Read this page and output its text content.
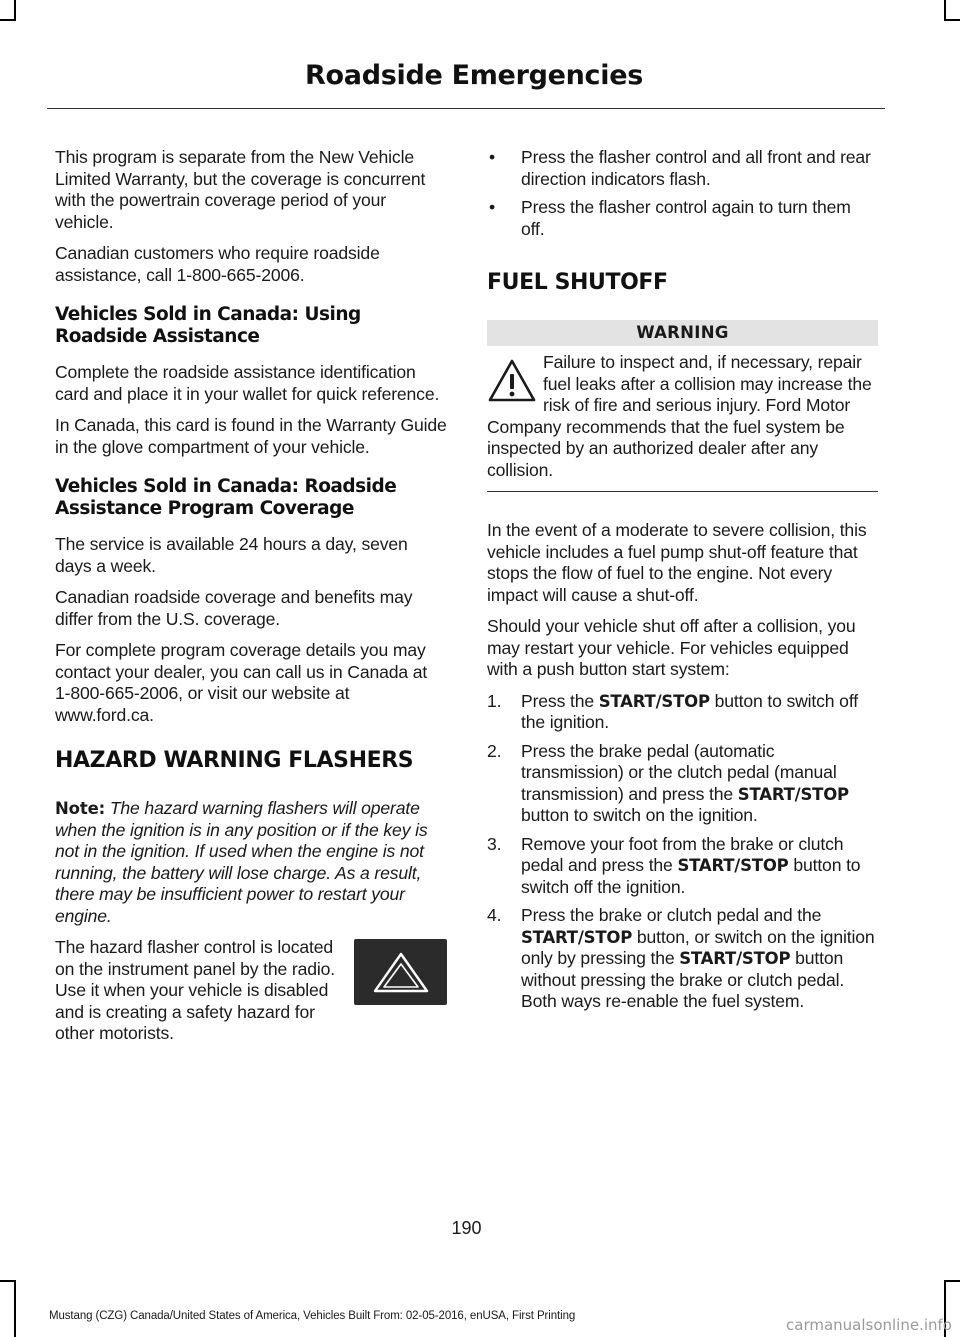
Roadside Emergencies

This program is separate from the New Vehicle Limited Warranty, but the coverage is concurrent with the powertrain coverage period of your vehicle.

Canadian customers who require roadside assistance, call 1-800-665-2006.

Vehicles Sold in Canada: Using Roadside Assistance

Complete the roadside assistance identification card and place it in your wallet for quick reference.

In Canada, this card is found in the Warranty Guide in the glove compartment of your vehicle.

Vehicles Sold in Canada: Roadside Assistance Program Coverage

The service is available 24 hours a day, seven days a week.

Canadian roadside coverage and benefits may differ from the U.S. coverage.

For complete program coverage details you may contact your dealer, you can call us in Canada at 1-800-665-2006, or visit our website at www.ford.ca.

HAZARD WARNING FLASHERS

Note: The hazard warning flashers will operate when the ignition is in any position or if the key is not in the ignition. If used when the engine is not running, the battery will lose charge. As a result, there may be insufficient power to restart your engine.

The hazard flasher control is located on the instrument panel by the radio. Use it when your vehicle is disabled and is creating a safety hazard for other motorists.

• Press the flasher control and all front and rear direction indicators flash.
• Press the flasher control again to turn them off.
FUEL SHUTOFF
WARNING

Failure to inspect and, if necessary, repair fuel leaks after a collision may increase the risk of fire and serious injury. Ford Motor Company recommends that the fuel system be inspected by an authorized dealer after any collision.

In the event of a moderate to severe collision, this vehicle includes a fuel pump shut-off feature that stops the flow of fuel to the engine. Not every impact will cause a shut-off.

Should your vehicle shut off after a collision, you may restart your vehicle. For vehicles equipped with a push button start system:

1. Press the START/STOP button to switch off the ignition.
2. Press the brake pedal (automatic transmission) or the clutch pedal (manual transmission) and press the START/STOP button to switch on the ignition.
3. Remove your foot from the brake or clutch pedal and press the START/STOP button to switch off the ignition.
4. Press the brake or clutch pedal and the START/STOP button, or switch on the ignition only by pressing the START/STOP button without pressing the brake or clutch pedal. Both ways re-enable the fuel system.
190
Mustang (CZG) Canada/United States of America, Vehicles Built From: 02-05-2016, enUSA, First Printing	carmanualsonline.info
